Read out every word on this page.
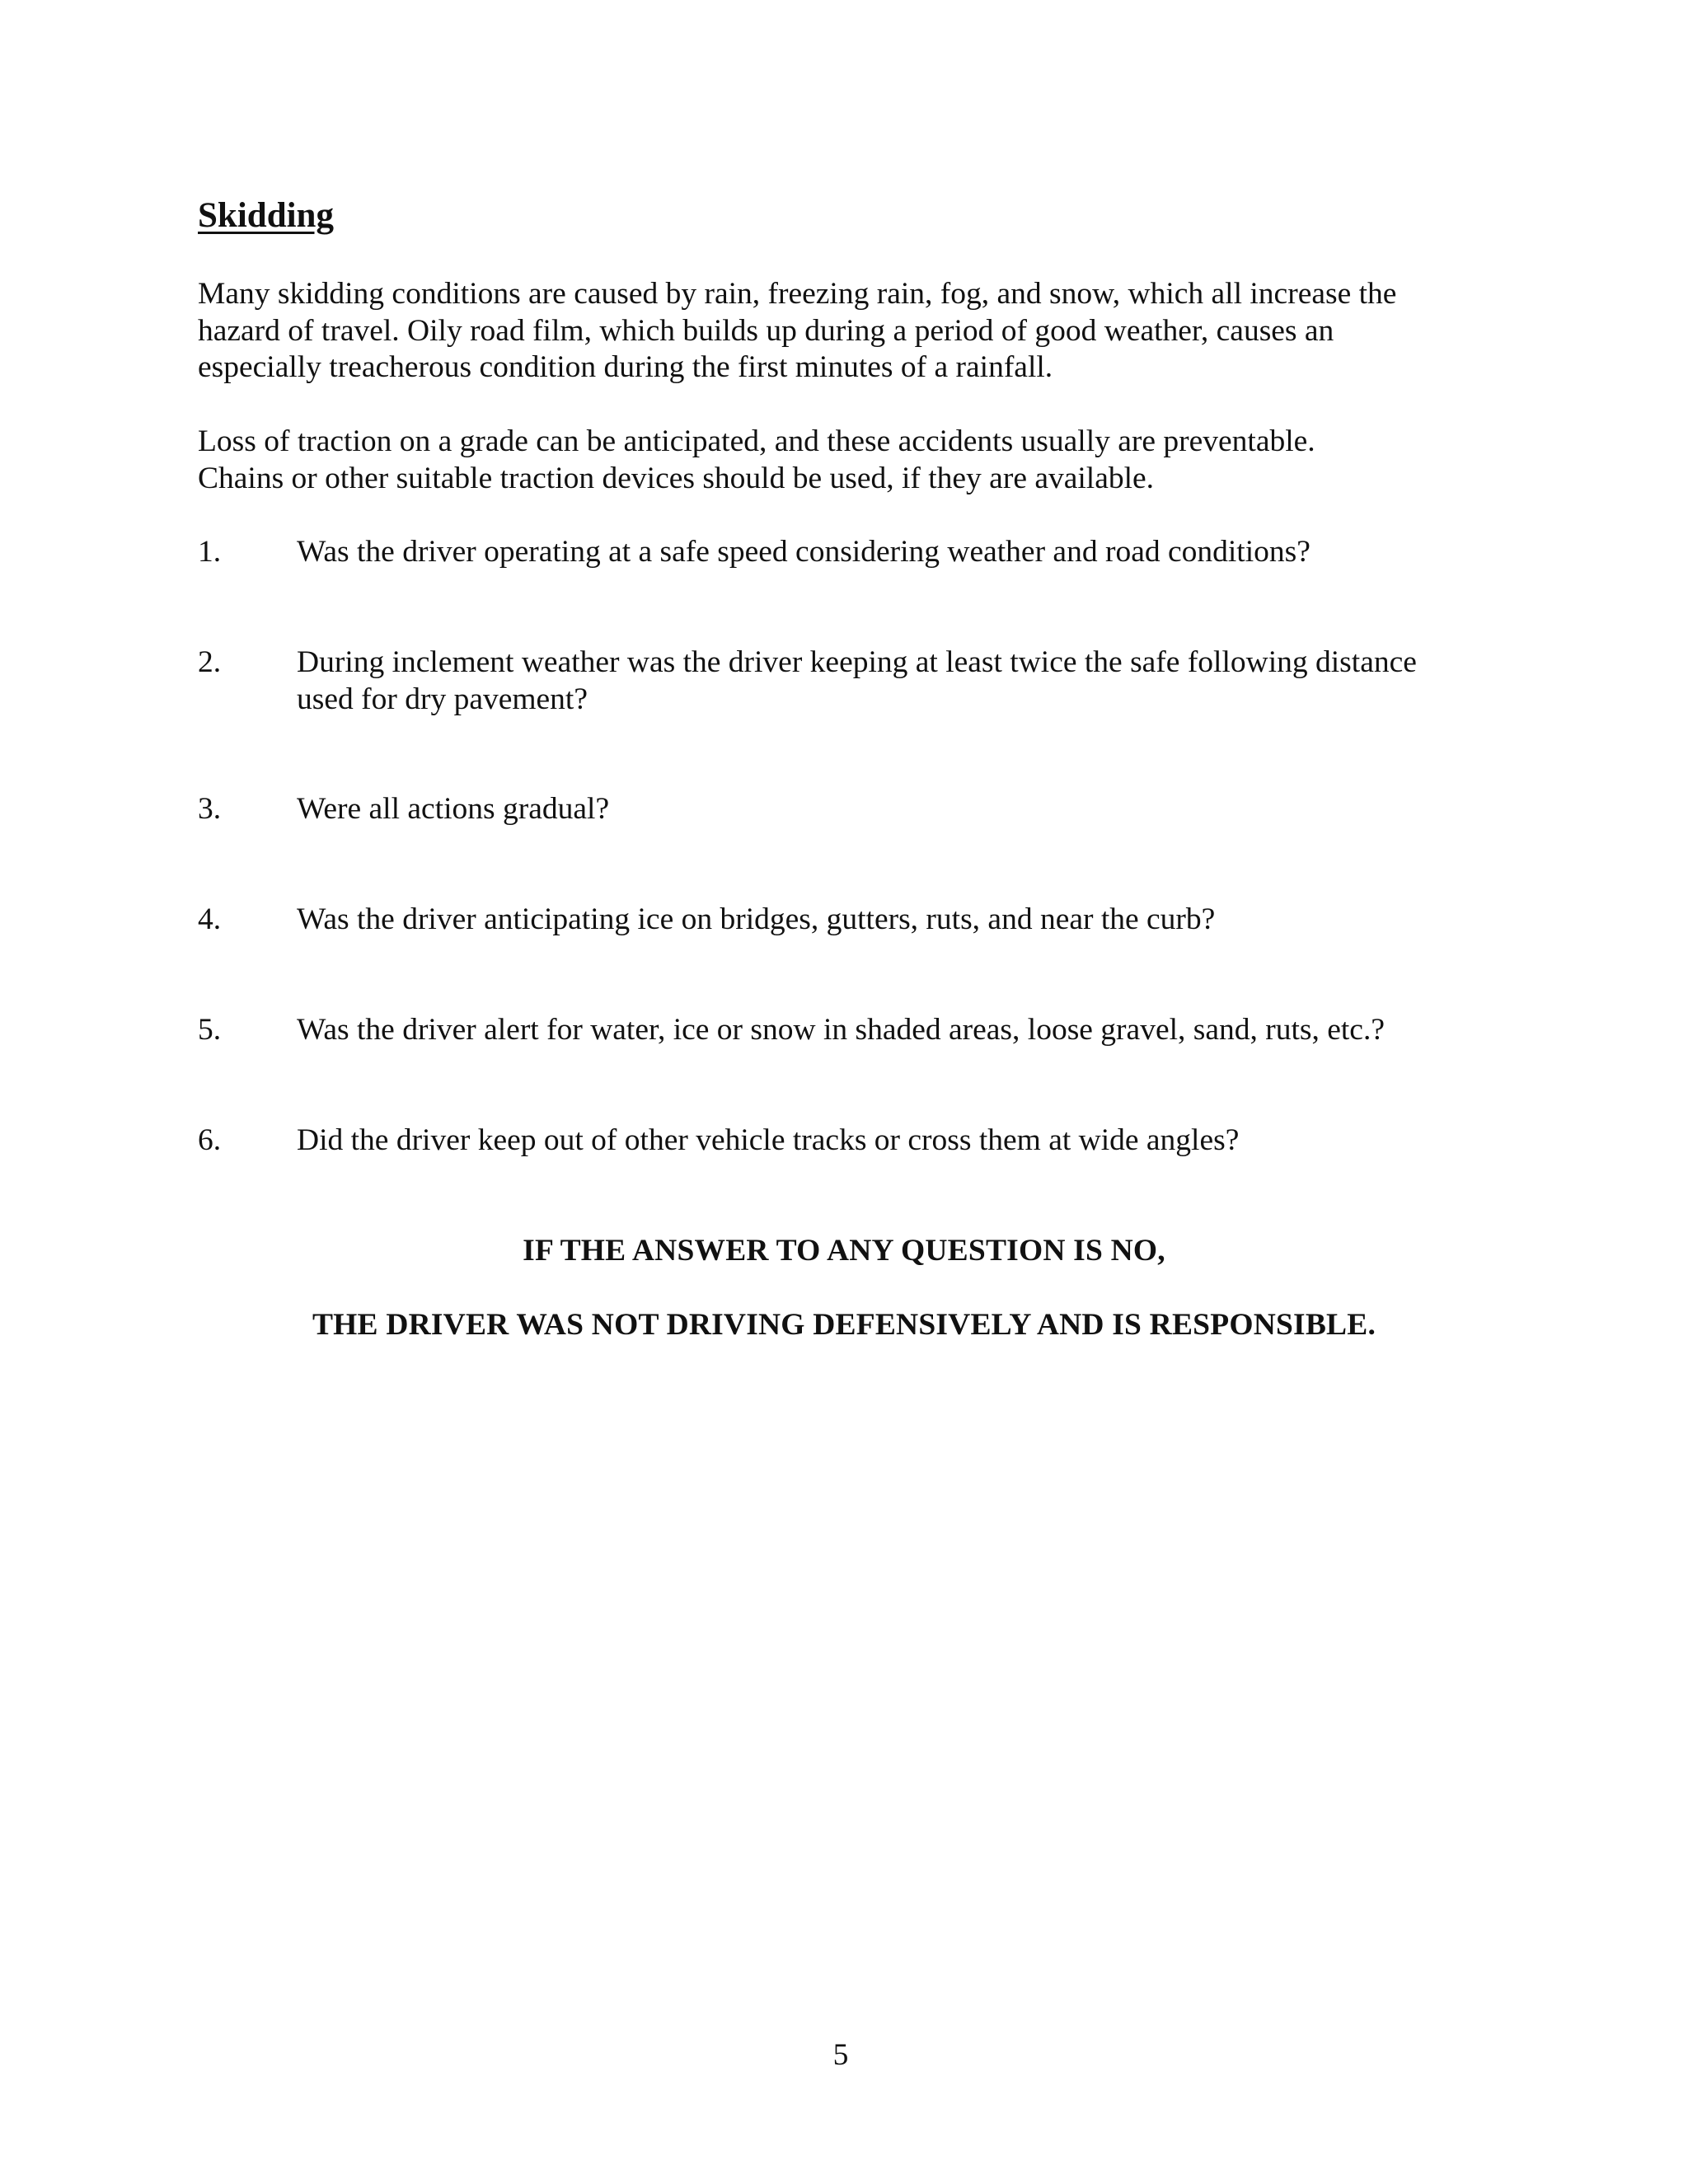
Skidding

Many skidding conditions are caused by rain, freezing rain, fog, and snow, which all increase the
hazard of travel. Oily road film, which builds up during a period of good weather, causes an
especially treacherous condition during the first minutes of a rainfall.

Loss of traction on a grade can be anticipated, and these accidents usually are preventable.
Chains or other suitable traction devices should be used, if they are available.

1. Was the driver operating at a safe speed considering weather and road conditions?
2. During inclement weather was the driver keeping at least twice the safe following distance
used for dry pavement?
3. Were all actions gradual?
4. Was the driver anticipating ice on bridges, gutters, ruts, and near the curb?
5. Was the driver alert for water, ice or snow in shaded areas, loose gravel, sand, ruts, etc.?
6. Did the driver keep out of other vehicle tracks or cross them at wide angles?

IF THE ANSWER TO ANY QUESTION IS NO,

THE DRIVER WAS NOT DRIVING DEFENSIVELY AND IS RESPONSIBLE.

5
